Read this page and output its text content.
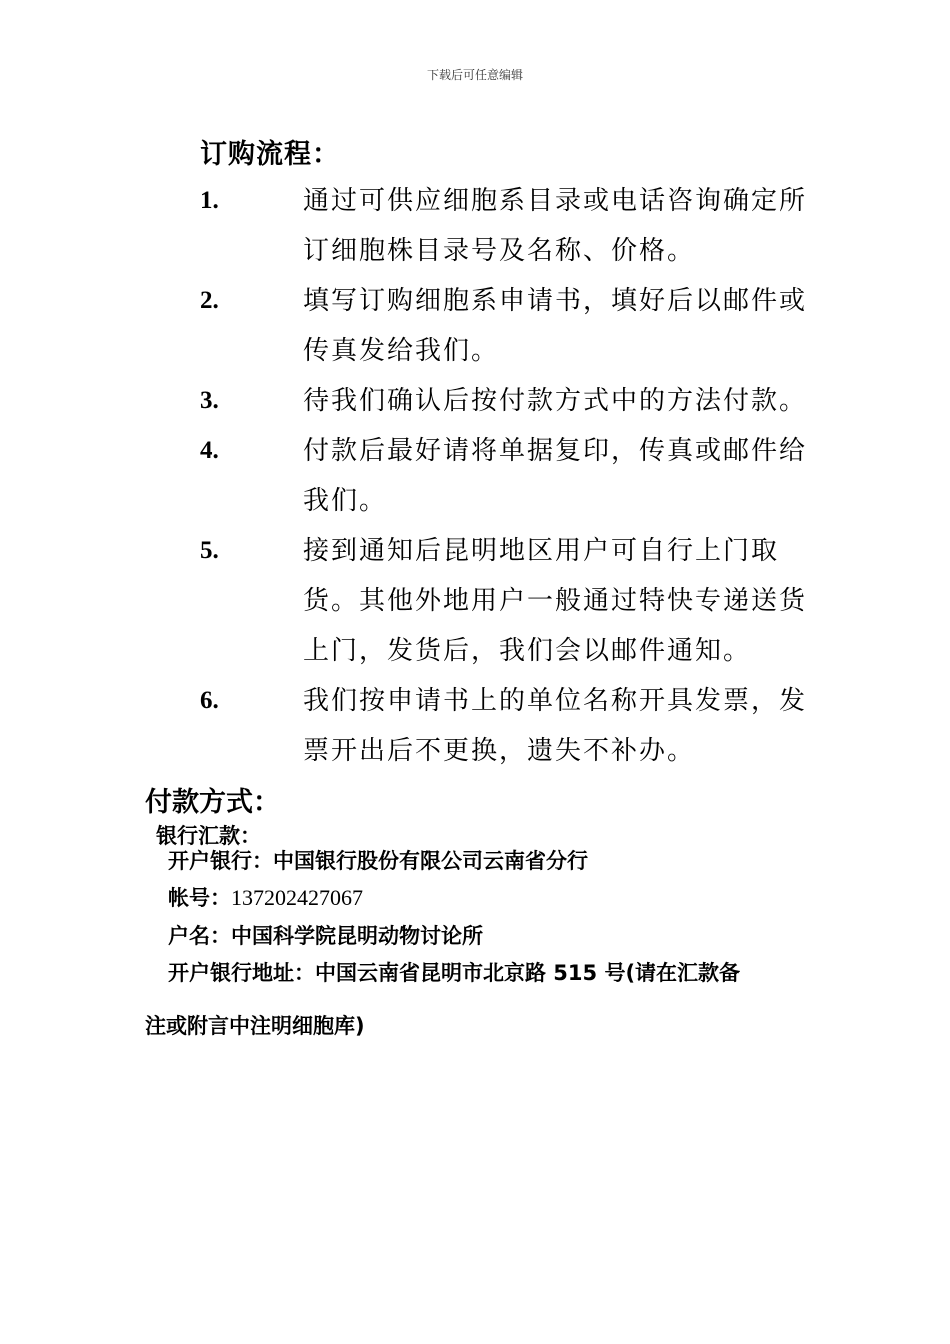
下载后可任意编辑
订购流程：
1.	通过可供应细胞系目录或电话咨询确定所订细胞株目录号及名称、价格。
2.	填写订购细胞系申请书，填好后以邮件或传真发给我们。
3.	待我们确认后按付款方式中的方法付款。
4.	付款后最好请将单据复印，传真或邮件给我们。
5.	接到通知后昆明地区用户可自行上门取货。其他外地用户一般通过特快专递送货上门，发货后，我们会以邮件通知。
6.	我们按申请书上的单位名称开具发票，发票开出后不更换，遗失不补办。
付款方式：
银行汇款：
开户银行：中国银行股份有限公司云南省分行
帐号：137202427067
户名：中国科学院昆明动物讨论所
开户银行地址：中国云南省昆明市北京路 515 号(请在汇款备
注或附言中注明细胞库)
